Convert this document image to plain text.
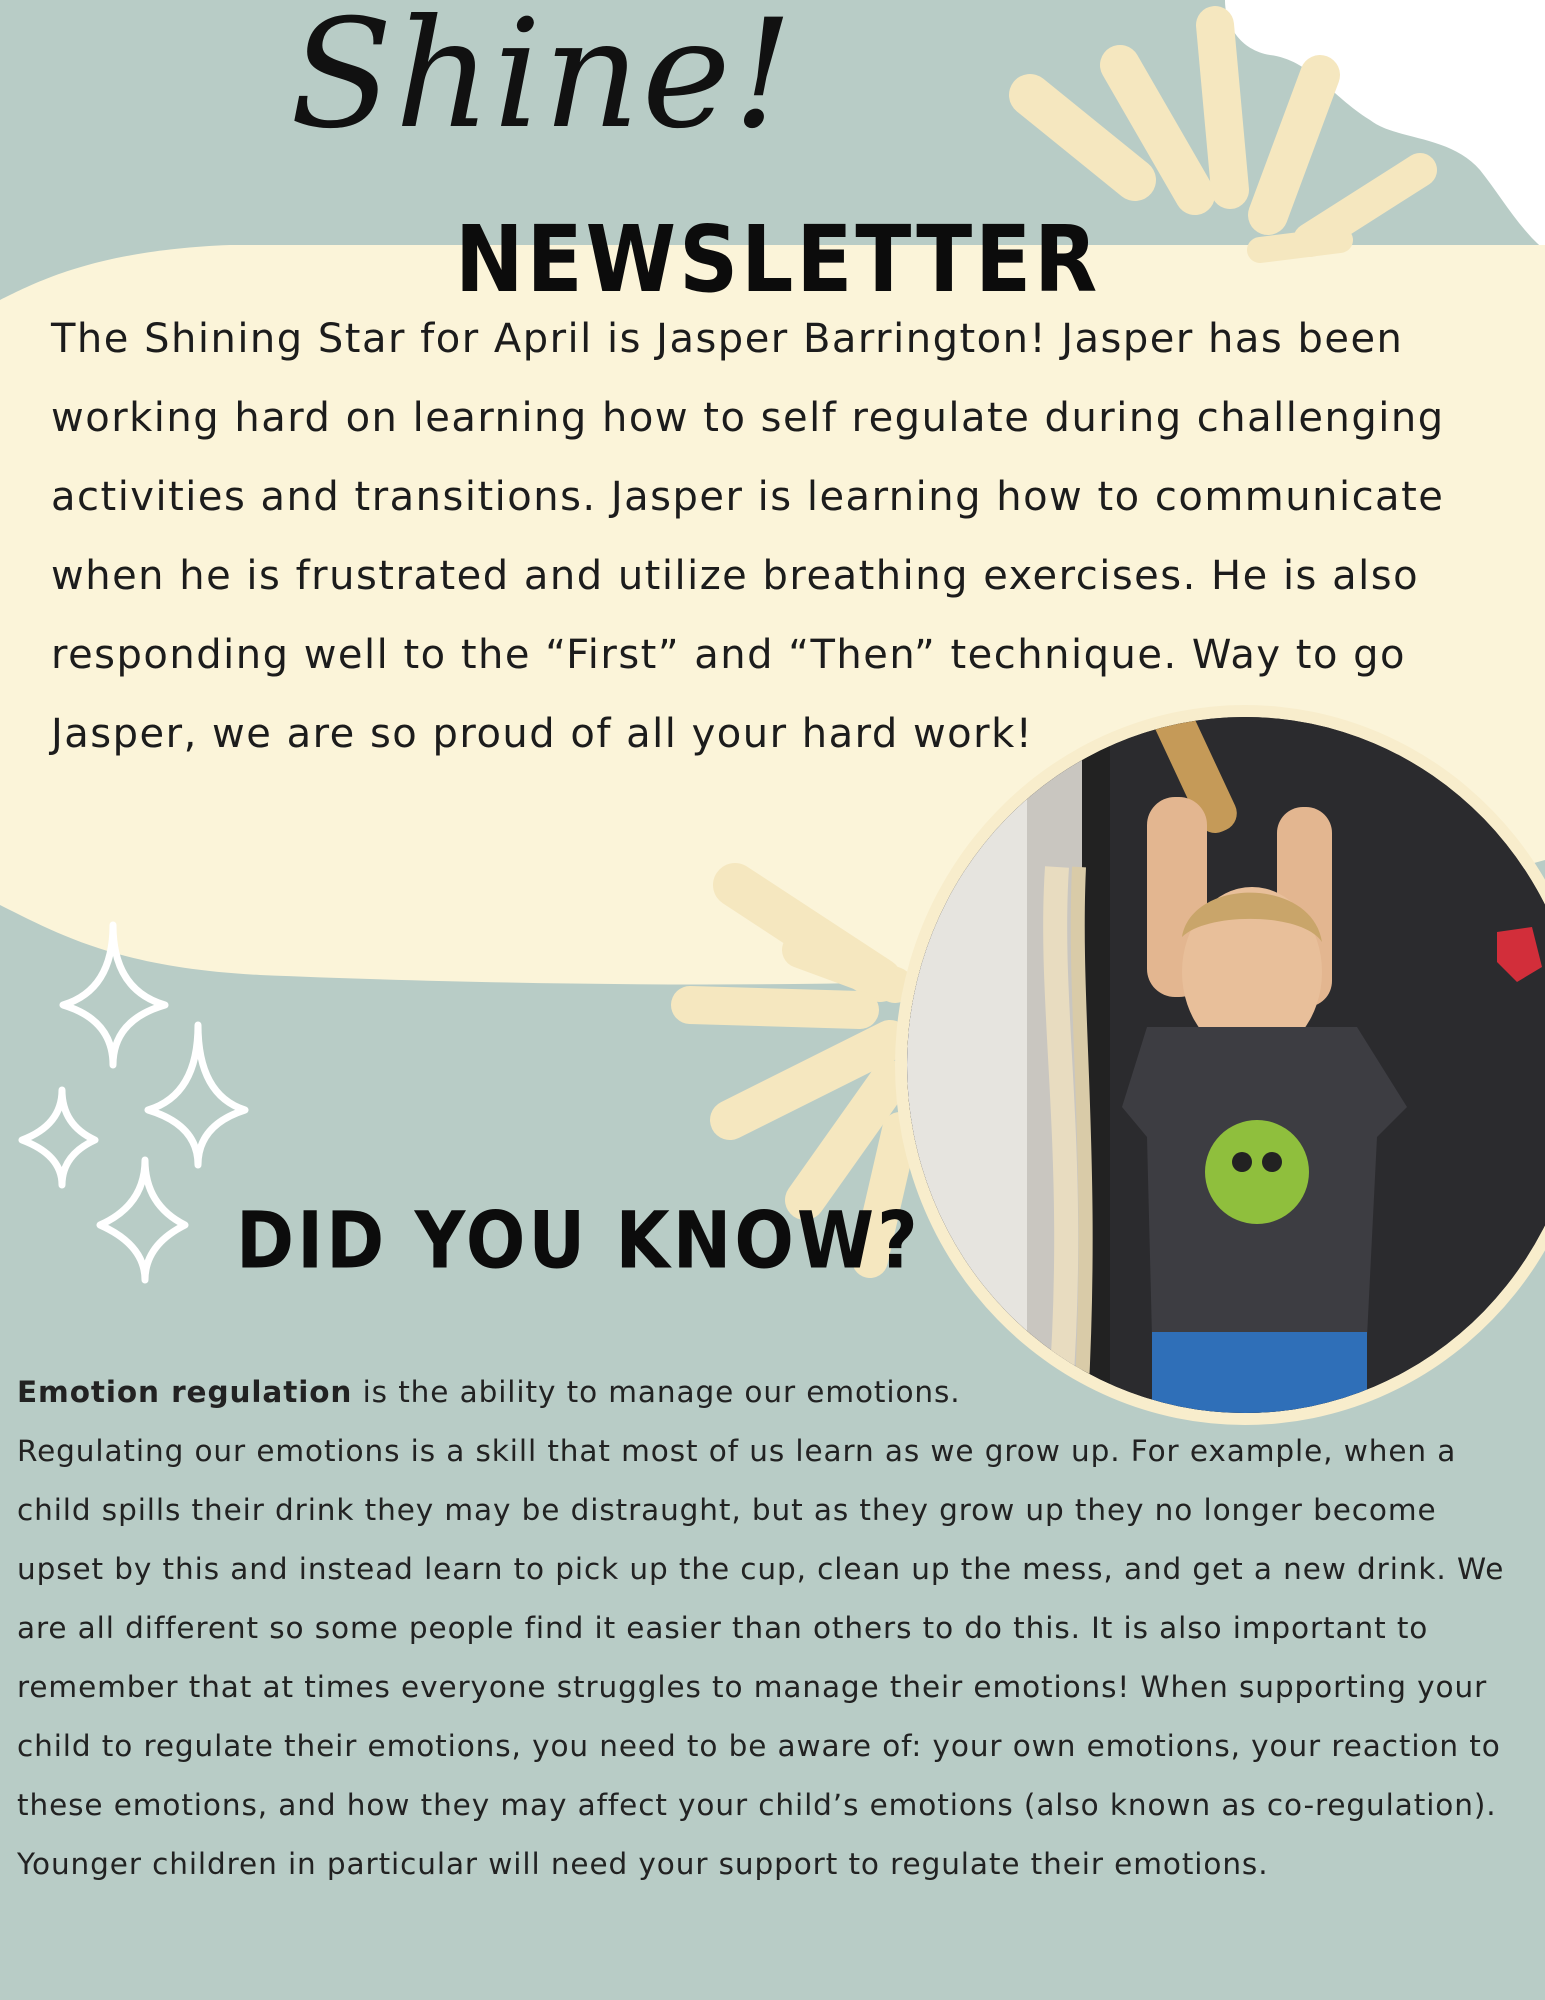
Shine!
NEWSLETTER

The Shining Star for April is Jasper Barrington! Jasper has been working hard on learning how to self regulate during challenging activities and transitions. Jasper is learning how to communicate when he is frustrated and utilize breathing exercises. He is also responding well to the “First” and “Then” technique. Way to go Jasper, we are so proud of all your hard work!

DID YOU KNOW?
Emotion regulation is the ability to manage our emotions.
Regulating our emotions is a skill that most of us learn as we grow up. For example, when a child spills their drink they may be distraught, but as they grow up they no longer become upset by this and instead learn to pick up the cup, clean up the mess, and get a new drink. We are all different so some people find it easier than others to do this. It is also important to remember that at times everyone struggles to manage their emotions! When supporting your child to regulate their emotions, you need to be aware of: your own emotions, your reaction to these emotions, and how they may affect your child’s emotions (also known as co-regulation). Younger children in particular will need your support to regulate their emotions.
